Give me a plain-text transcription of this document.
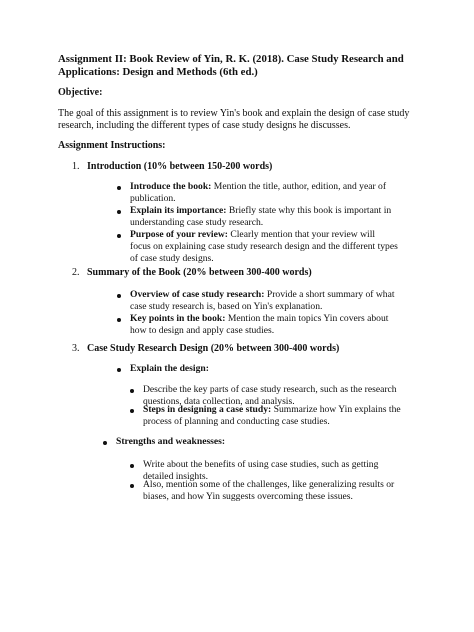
Assignment II: Book Review of Yin, R. K. (2018). Case Study Research and Applications: Design and Methods (6th ed.)
Objective:
The goal of this assignment is to review Yin's book and explain the design of case study research, including the different types of case study designs he discusses.
Assignment Instructions:
1. Introduction (10% between 150-200 words)
Introduce the book: Mention the title, author, edition, and year of publication.
Explain its importance: Briefly state why this book is important in understanding case study research.
Purpose of your review: Clearly mention that your review will focus on explaining case study research design and the different types of case study designs.
2. Summary of the Book (20% between 300-400 words)
Overview of case study research: Provide a short summary of what case study research is, based on Yin's explanation.
Key points in the book: Mention the main topics Yin covers about how to design and apply case studies.
3. Case Study Research Design (20% between 300-400 words)
Explain the design:
Describe the key parts of case study research, such as the research questions, data collection, and analysis.
Steps in designing a case study: Summarize how Yin explains the process of planning and conducting case studies.
Strengths and weaknesses:
Write about the benefits of using case studies, such as getting detailed insights.
Also, mention some of the challenges, like generalizing results or biases, and how Yin suggests overcoming these issues.
